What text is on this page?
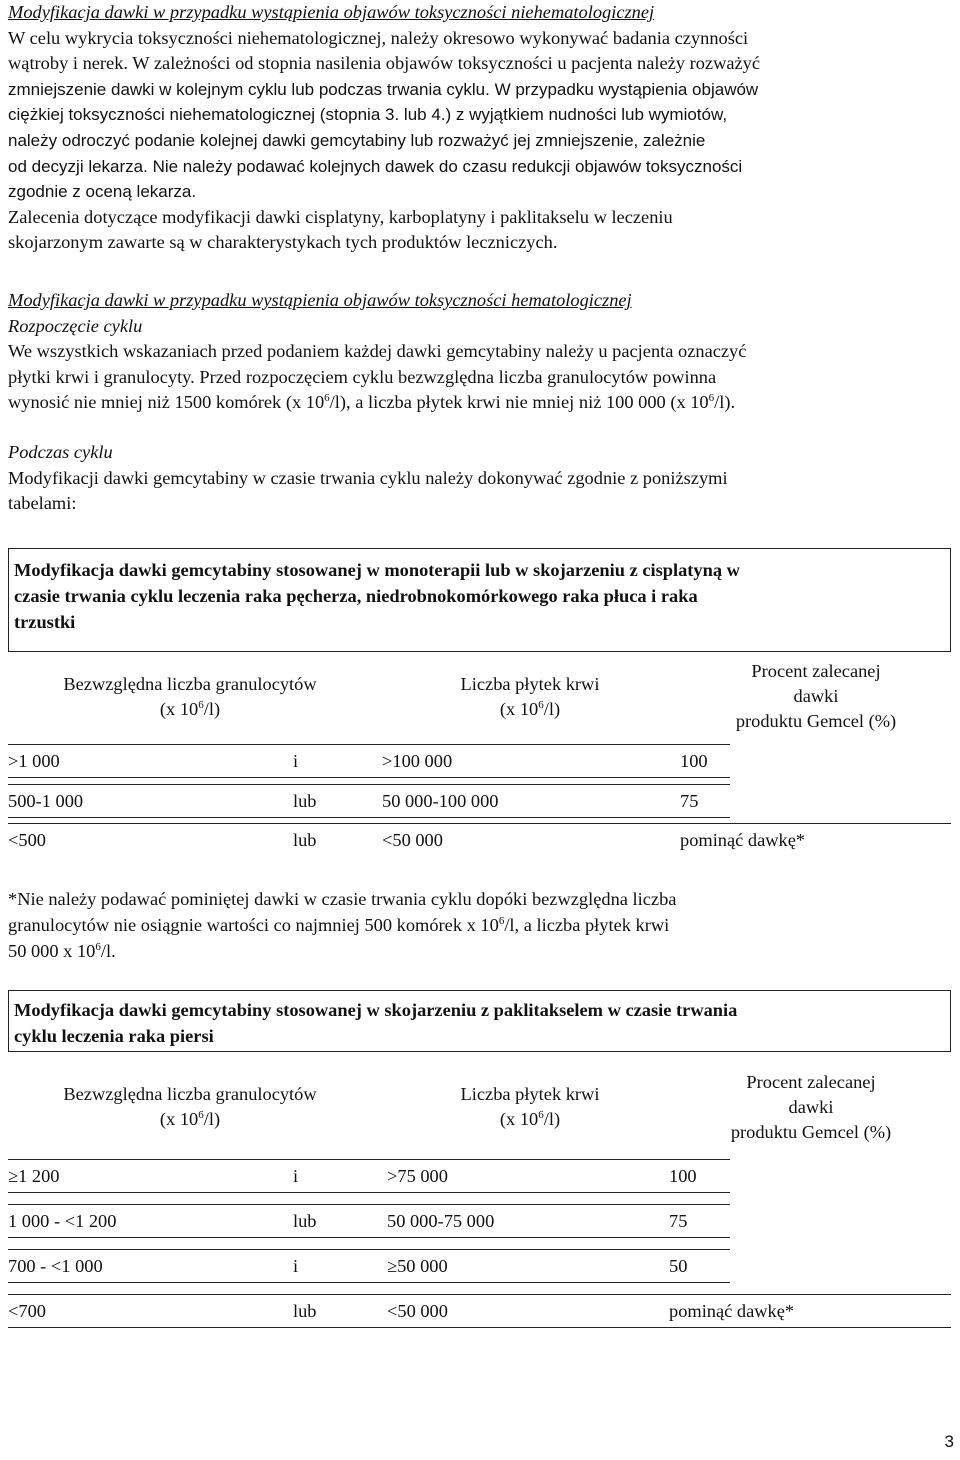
Modyfikacja dawki w przypadku wystąpienia objawów toksyczności niehematologicznej

W celu wykrycia toksyczności niehematologicznej, należy okresowo wykonywać badania czynności

wątroby i nerek. W zależności od stopnia nasilenia objawów toksyczności u pacjenta należy rozważyć

zmniejszenie dawki w kolejnym cyklu lub podczas trwania cyklu. W przypadku wystąpienia objawów

ciężkiej toksyczności niehematologicznej (stopnia 3. lub 4.) z wyjątkiem nudności lub wymiotów,

należy odroczyć podanie kolejnej dawki gemcytabiny lub rozważyć jej zmniejszenie, zależnie

od decyzji lekarza. Nie należy podawać kolejnych dawek do czasu redukcji objawów toksyczności

zgodnie z oceną lekarza.

Zalecenia dotyczące modyfikacji dawki cisplatyny, karboplatyny i paklitakselu w leczeniu

skojarzonym zawarte są w charakterystykach tych produktów leczniczych.

Modyfikacja dawki w przypadku wystąpienia objawów toksyczności hematologicznej

Rozpoczęcie cyklu

We wszystkich wskazaniach przed podaniem każdej dawki gemcytabiny należy u pacjenta oznaczyć

płytki krwi i granulocyty. Przed rozpoczęciem cyklu bezwzględna liczba granulocytów powinna

wynosić nie mniej niż 1500 komórek (x $10^6/l$), a liczba płytek krwi nie mniej niż 100 000 (x $10^6/l$).

Podczas cyklu

Modyfikacji dawki gemcytabiny w czasie trwania cyklu należy dokonywać zgodnie z poniższymi

tabelami:

Modyfikacja dawki gemcytabiny stosowanej w monoterapii lub w skojarzeniu z cisplatyną w
czasie trwania cyklu leczenia raka pęcherza, niedrobnokomórkowego raka płuca i raka
trzustki
Bezwzględna liczba granulocytów
(x $10^6/l$)
Liczba płytek krwi
(x $10^6/l$)
Procent zalecanej
dawki
produktu Gemcel (%)
>1 000	i	>100 000	100
500-1 000	lub	50 000-100 000	75
<500	lub	<50 000	pominąć dawkę*

*Nie należy podawać pominiętej dawki w czasie trwania cyklu dopóki bezwzględna liczba

granulocytów nie osiągnie wartości co najmniej 500 komórek x $10^6/l$, a liczba płytek krwi

50 000 x $10^6/l$.

Modyfikacja dawki gemcytabiny stosowanej w skojarzeniu z paklitakselem w czasie trwania
cyklu leczenia raka piersi
Bezwzględna liczba granulocytów
(x $10^6/l$)
Liczba płytek krwi
(x $10^6/l$)
Procent zalecanej
dawki
produktu Gemcel (%)
≥1 200	i	>75 000	100
1 000 - <1 200	lub	50 000-75 000	75
700 - <1 000	i	≥50 000	50
<700	lub	<50 000	pominąć dawkę*
3
